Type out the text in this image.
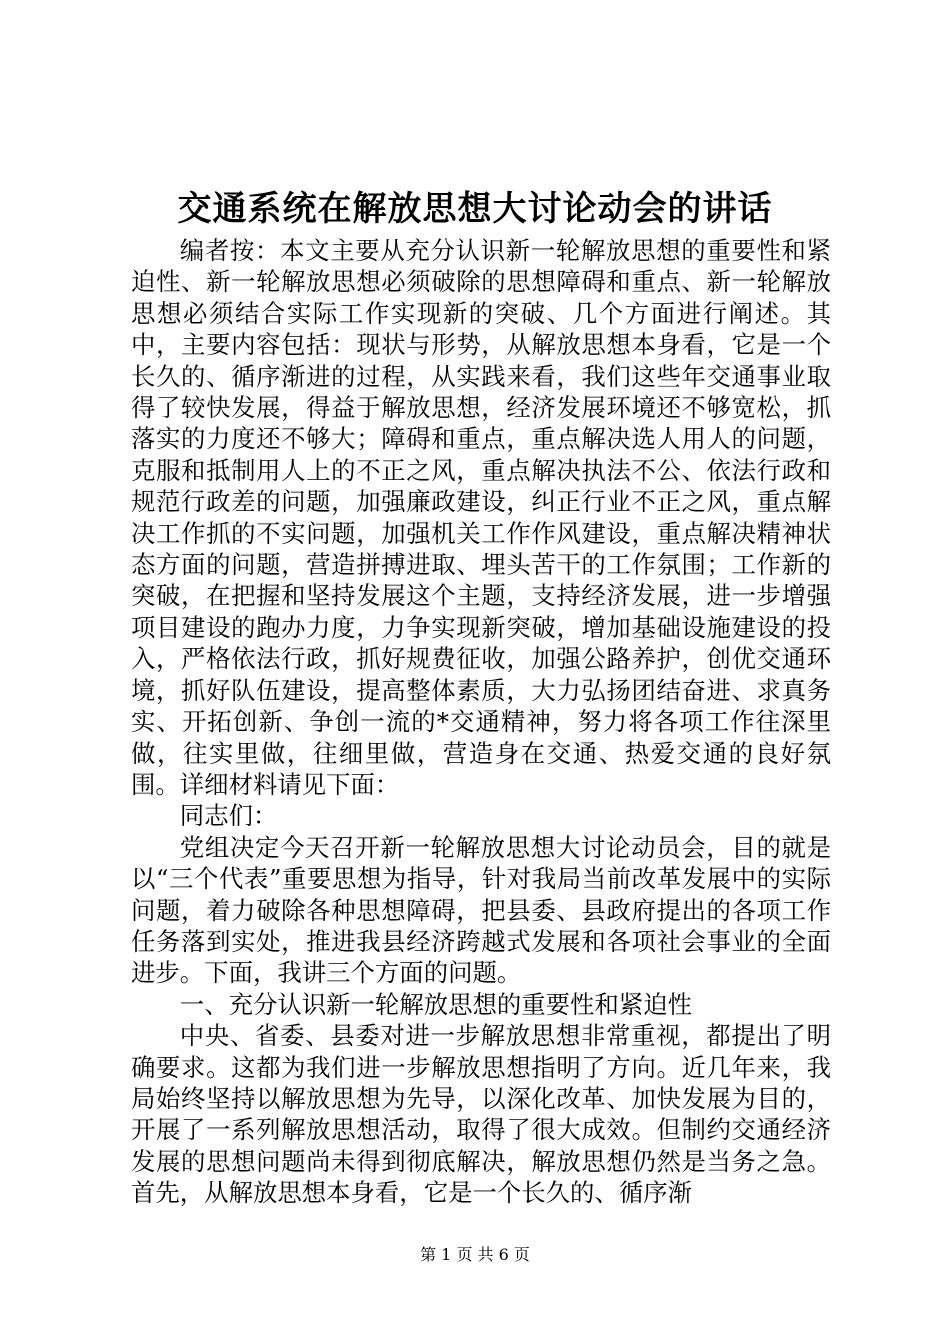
交通系统在解放思想大讨论动会的讲话

编者按：本文主要从充分认识新一轮解放思想的重要性和紧迫性、新一轮解放思想必须破除的思想障碍和重点、新一轮解放思想必须结合实际工作实现新的突破、几个方面进行阐述。其中，主要内容包括：现状与形势，从解放思想本身看，它是一个长久的、循序渐进的过程，从实践来看，我们这些年交通事业取得了较快发展，得益于解放思想，经济发展环境还不够宽松，抓落实的力度还不够大；障碍和重点，重点解决选人用人的问题，克服和抵制用人上的不正之风，重点解决执法不公、依法行政和规范行政差的问题，加强廉政建设，纠正行业不正之风，重点解决工作抓的不实问题，加强机关工作作风建设，重点解决精神状态方面的问题，营造拼搏进取、埋头苦干的工作氛围；工作新的突破，在把握和坚持发展这个主题，支持经济发展，进一步增强项目建设的跑办力度，力争实现新突破，增加基础设施建设的投入，严格依法行政，抓好规费征收，加强公路养护，创优交通环境，抓好队伍建设，提高整体素质，大力弘扬团结奋进、求真务实、开拓创新、争创一流的*交通精神，努力将各项工作往深里做，往实里做，往细里做，营造身在交通、热爱交通的良好氛围。详细材料请见下面：

同志们：

党组决定今天召开新一轮解放思想大讨论动员会，目的就是以“三个代表”重要思想为指导，针对我局当前改革发展中的实际问题，着力破除各种思想障碍，把县委、县政府提出的各项工作任务落到实处，推进我县经济跨越式发展和各项社会事业的全面进步。下面，我讲三个方面的问题。

一、充分认识新一轮解放思想的重要性和紧迫性

中央、省委、县委对进一步解放思想非常重视，都提出了明确要求。这都为我们进一步解放思想指明了方向。近几年来，我局始终坚持以解放思想为先导，以深化改革、加快发展为目的，开展了一系列解放思想活动，取得了很大成效。但制约交通经济发展的思想问题尚未得到彻底解决，解放思想仍然是当务之急。首先，从解放思想本身看，它是一个长久的、循序渐

第 1 页 共 6 页
